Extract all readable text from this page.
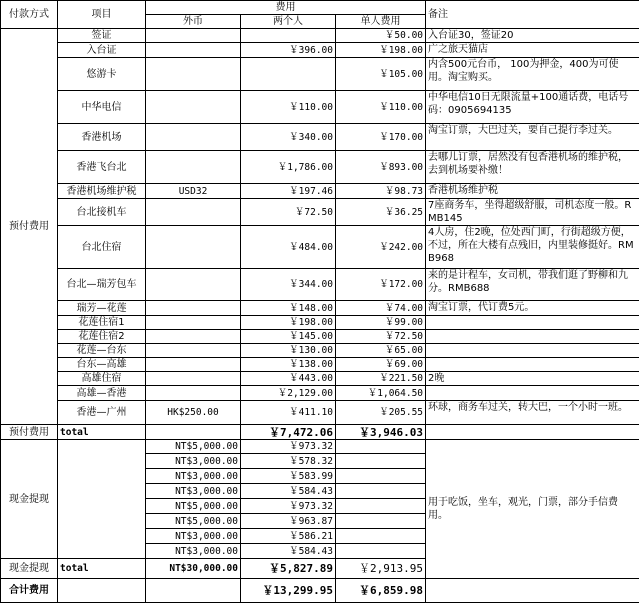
付款方式	项目	费用			备注
		外币	两个人	单人费用	
预付费用	签证			￥50.00	入台证30，签证20
	入台证		￥396.00	￥198.00	广之旅天猫店
	悠游卡			￥105.00	内含500元台币， 100为押金，400为可使用。淘宝购买。
	中华电信		￥110.00	￥110.00	中华电信10日无限流量+100通话费，电话号码：0905694135
	香港机场		￥340.00	￥170.00	淘宝订票，大巴过关，要自己提行李过关。
	香港飞台北		￥1,786.00	￥893.00	去哪儿订票，居然没有包香港机场的维护税，去到机场要补缴！
	香港机场维护税	USD32	￥197.46	￥98.73	香港机场维护税
	台北接机车		￥72.50	￥36.25	7座商务车，坐得超级舒服，司机态度一般。RMB145
	台北住宿		￥484.00	￥242.00	4人房，住2晚，位处西门町，行街超级方便，不过，所在大楼有点残旧，内里装修挺好。RMB968
	台北—瑞芳包车		￥344.00	￥172.00	来的是计程车，女司机，带我们逛了野柳和九分。RMB688
	瑞芳—花莲		￥148.00	￥74.00	淘宝订票，代订费5元。
	花莲住宿1		￥198.00	￥99.00	
	花莲住宿2		￥145.00	￥72.50	
	花莲—台东		￥130.00	￥65.00	
	台东—高雄		￥138.00	￥69.00	
	高雄住宿		￥443.00	￥221.50	2晚
	高雄—香港		￥2,129.00	￥1,064.50	
	香港—广州	HK$250.00	￥411.10	￥205.55	环球，商务车过关，转大巴，一个小时一班。
预付费用	total		￥7,472.06	￥3,946.03	
现金提现		NT$5,000.00	￥973.32		用于吃饭，坐车，观光，门票，部分手信费用。
		NT$3,000.00	￥578.32		
		NT$3,000.00	￥583.99		
		NT$3,000.00	￥584.43		
		NT$5,000.00	￥973.32		
		NT$5,000.00	￥963.87		
		NT$3,000.00	￥586.21		
		NT$3,000.00	￥584.43		
现金提现	total	NT$30,000.00	￥5,827.89	￥2,913.95	
合计费用			￥13,299.95	￥6,859.98	
